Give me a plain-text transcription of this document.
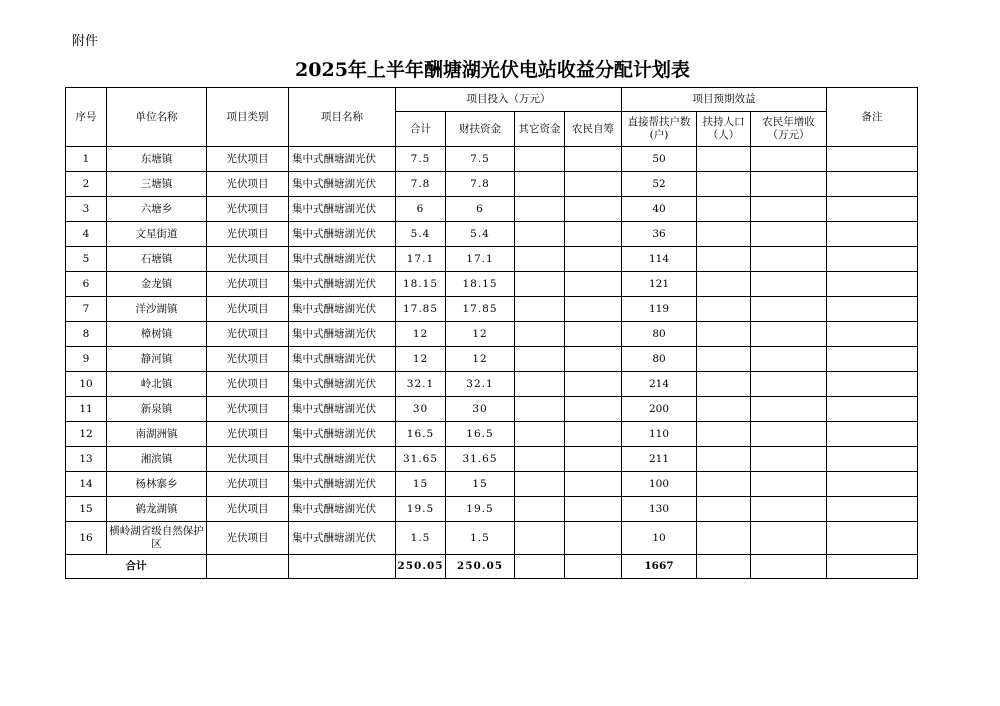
附件
2025年上半年酬塘湖光伏电站收益分配计划表
序号	单位名称	项目类别	项目名称	项目投入（万元）				项目预期效益			备注
				合计	财扶资金	其它资金	农民自筹	直接帮扶户数(户)	扶持人口（人）	农民年增收（万元）	
1	东塘镇	光伏项目	集中式酬塘湖光伏	7.5	7.5			50			
2	三塘镇	光伏项目	集中式酬塘湖光伏	7.8	7.8			52			
3	六塘乡	光伏项目	集中式酬塘湖光伏	6	6			40			
4	文星街道	光伏项目	集中式酬塘湖光伏	5.4	5.4			36			
5	石塘镇	光伏项目	集中式酬塘湖光伏	17.1	17.1			114			
6	金龙镇	光伏项目	集中式酬塘湖光伏	18.15	18.15			121			
7	洋沙湖镇	光伏项目	集中式酬塘湖光伏	17.85	17.85			119			
8	樟树镇	光伏项目	集中式酬塘湖光伏	12	12			80			
9	静河镇	光伏项目	集中式酬塘湖光伏	12	12			80			
10	岭北镇	光伏项目	集中式酬塘湖光伏	32.1	32.1			214			
11	新泉镇	光伏项目	集中式酬塘湖光伏	30	30			200			
12	南湖洲镇	光伏项目	集中式酬塘湖光伏	16.5	16.5			110			
13	湘滨镇	光伏项目	集中式酬塘湖光伏	31.65	31.65			211			
14	杨林寨乡	光伏项目	集中式酬塘湖光伏	15	15			100			
15	鹤龙湖镇	光伏项目	集中式酬塘湖光伏	19.5	19.5			130			
16	横岭湖省级自然保护区	光伏项目	集中式酬塘湖光伏	1.5	1.5			10			
合计				250.05	250.05			1667			
